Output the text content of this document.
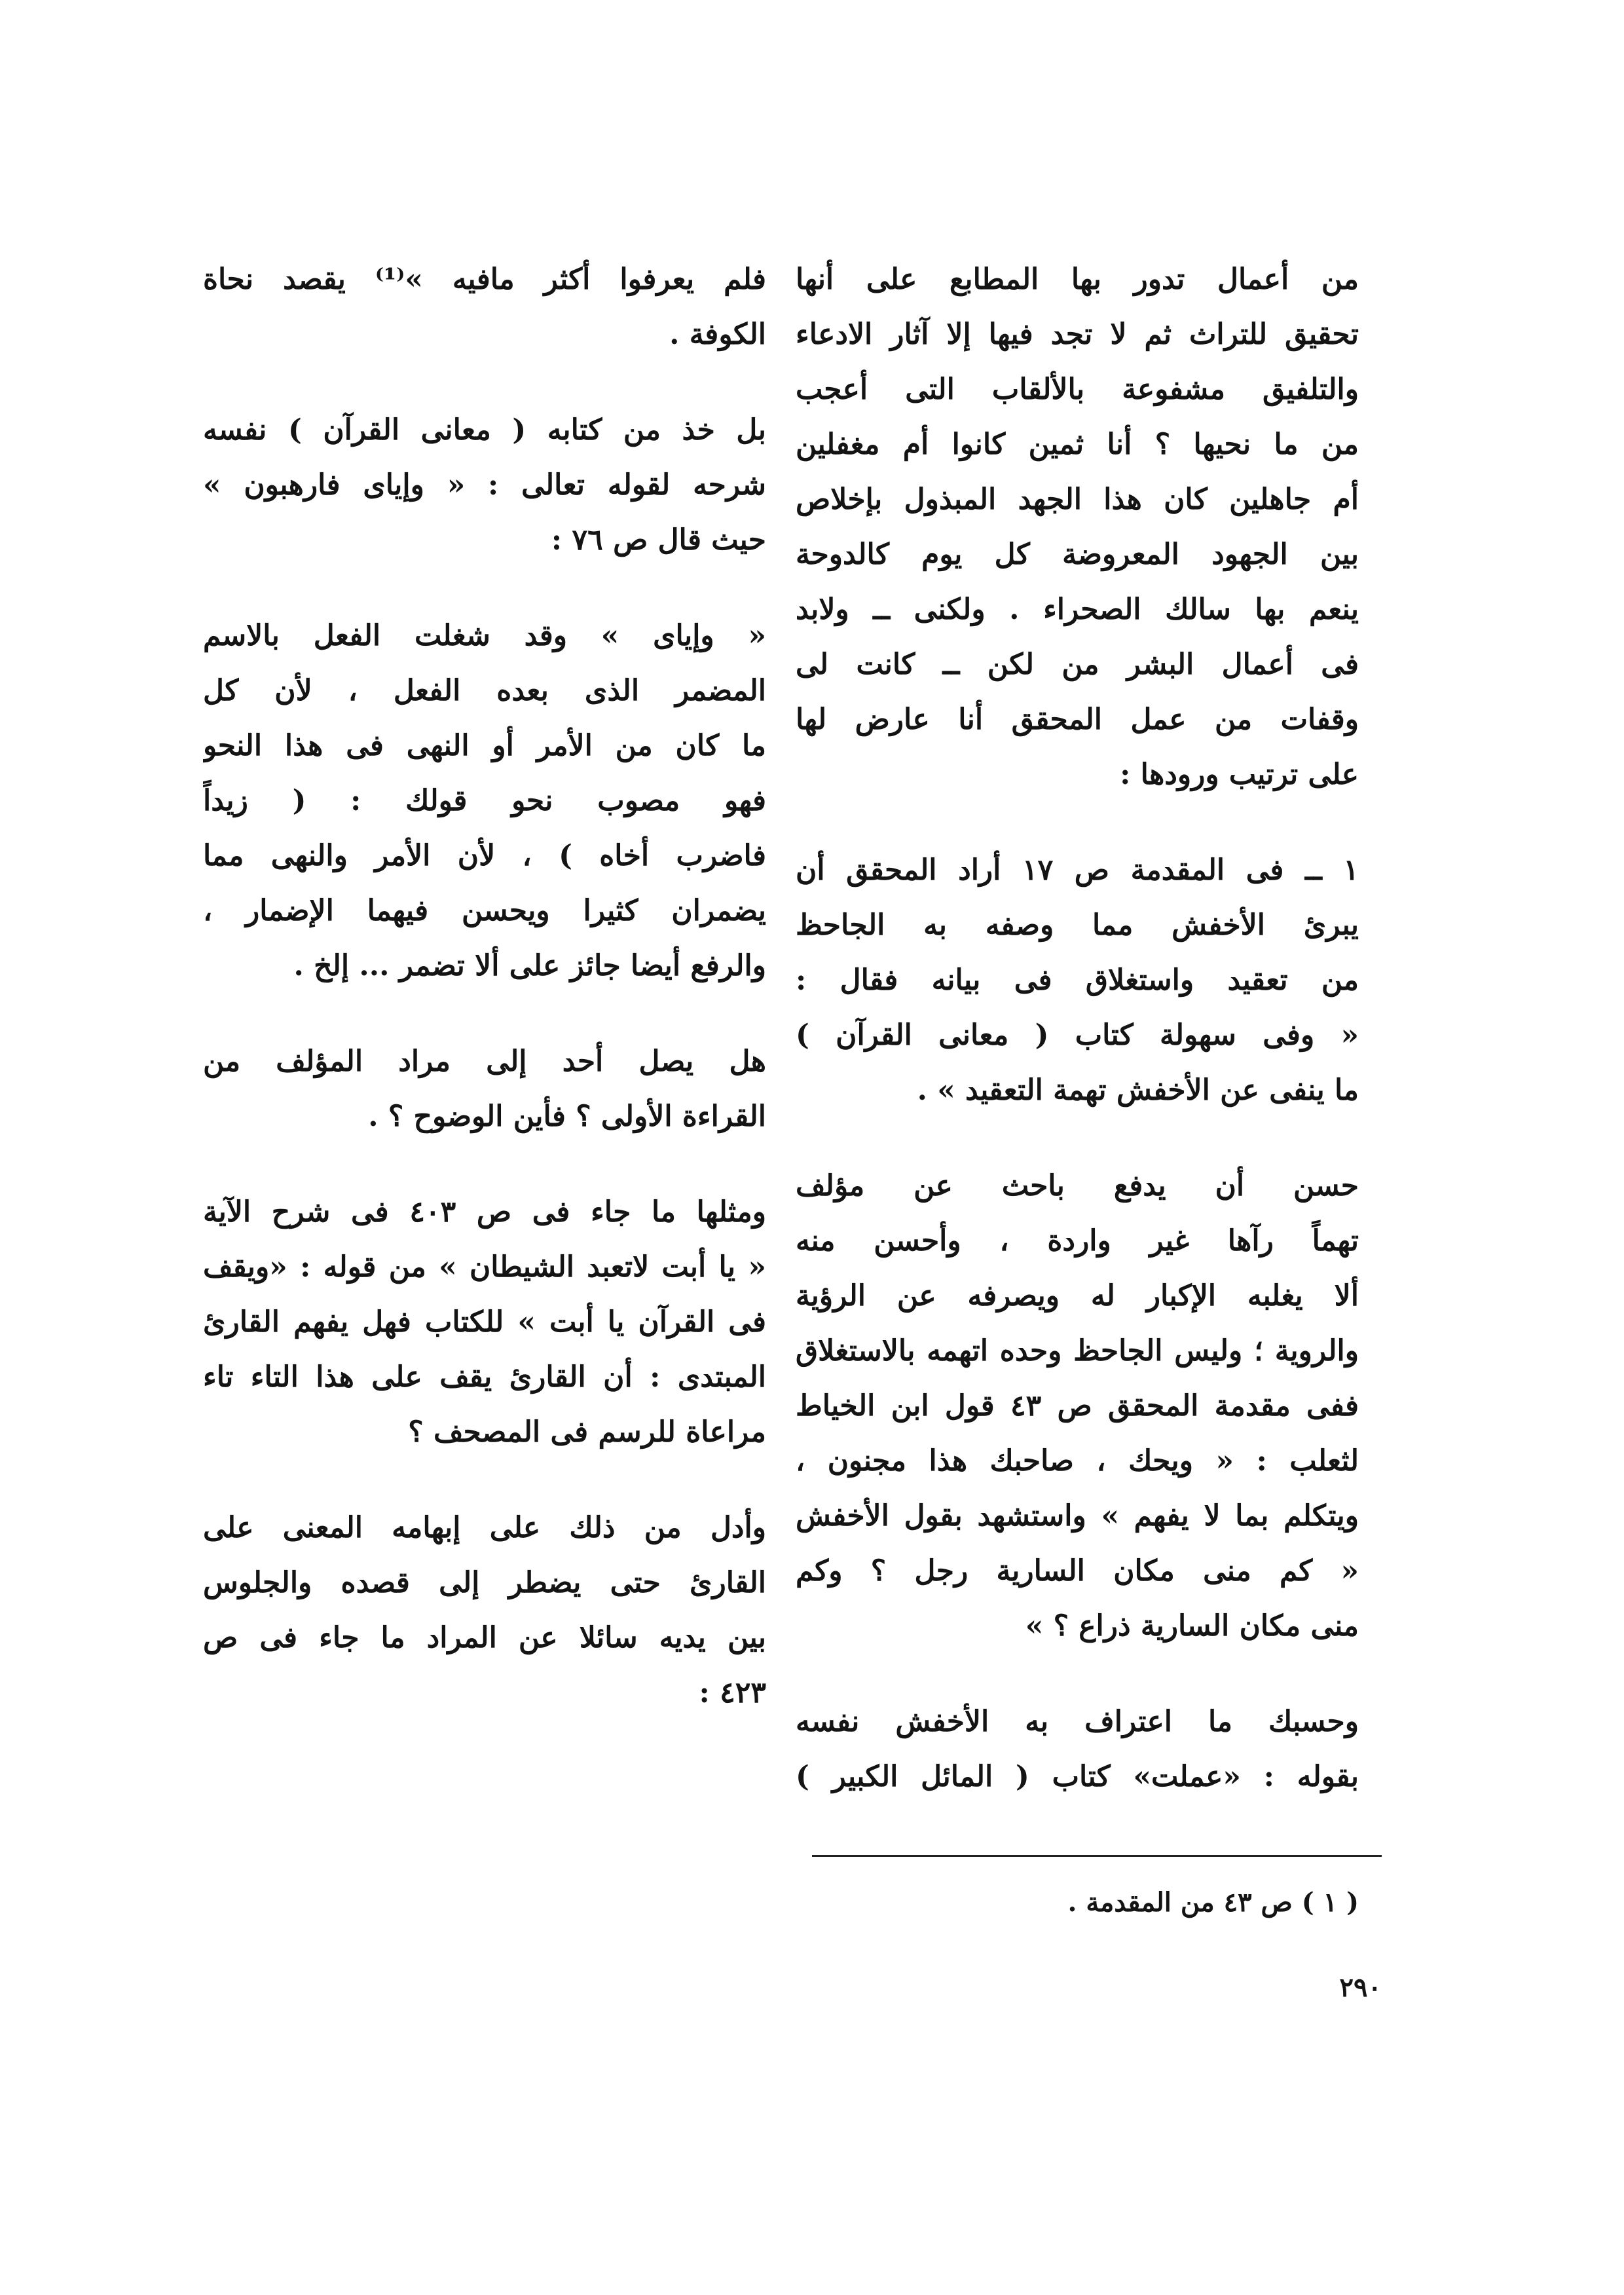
من أعمال تدور بها المطابع على أنها
تحقيق للتراث ثم لا تجد فيها إلا آثار الادعاء
والتلفيق مشفوعة بالألقاب التى أعجب
من ما نحيها ؟ أنا ثمين كانوا أم مغفلين
أم جاهلين كان هذا الجهد المبذول بإخلاص
بين الجهود المعروضة كل يوم كالدوحة
ينعم بها سالك الصحراء . ولكنى ــ ولابد
فى أعمال البشر من لكن ــ كانت لى
وقفات من عمل المحقق أنا عارض لها
على ترتيب ورودها :
١ ــ فى المقدمة ص ١٧ أراد المحقق أن
يبرئ الأخفش مما وصفه به الجاحظ
من تعقيد واستغلاق فى بيانه فقال :
« وفى سهولة كتاب ( معانى القرآن )
ما ينفى عن الأخفش تهمة التعقيد » .
حسن أن يدفع باحث عن مؤلف
تهماً رآها غير واردة ، وأحسن منه
ألا يغلبه الإكبار له ويصرفه عن الرؤية
والروية ؛ وليس الجاحظ وحده اتهمه بالاستغلاق
ففى مقدمة المحقق ص ٤٣ قول ابن الخياط
لثعلب : « ويحك ، صاحبك هذا مجنون ،
ويتكلم بما لا يفهم » واستشهد بقول الأخفش
« كم منى مكان السارية رجل ؟ وكم
منى مكان السارية ذراع ؟ »
وحسبك ما اعتراف به الأخفش نفسه
بقوله : «عملت» كتاب ( المائل الكبير )
فلم يعرفوا أكثر مافيه »⁽¹⁾ يقصد نحاة
الكوفة .
بل خذ من كتابه ( معانى القرآن ) نفسه
شرحه لقوله تعالى : « وإياى فارهبون »
حيث قال ص ٧٦ :
« وإياى » وقد شغلت الفعل بالاسم
المضمر الذى بعده الفعل ، لأن كل
ما كان من الأمر أو النهى فى هذا النحو
فهو مصوب نحو قولك : ( زيداً
فاضرب أخاه ) ، لأن الأمر والنهى مما
يضمران كثيرا ويحسن فيهما الإضمار ،
والرفع أيضا جائز على ألا تضمر ... إلخ .
هل يصل أحد إلى مراد المؤلف من
القراءة الأولى ؟ فأين الوضوح ؟ .
ومثلها ما جاء فى ص ٤٠٣ فى شرح الآية
« يا أبت لاتعبد الشيطان » من قوله : «ويقف
فى القرآن يا أبت » للكتاب فهل يفهم القارئ
المبتدى : أن القارئ يقف على هذا التاء تاء
مراعاة للرسم فى المصحف ؟
وأدل من ذلك على إبهامه المعنى على
القارئ حتى يضطر إلى قصده والجلوس
بين يديه سائلا عن المراد ما جاء فى ص
٤٢٣ :
( ١ ) ص ٤٣ من المقدمة .
٢٩٠
